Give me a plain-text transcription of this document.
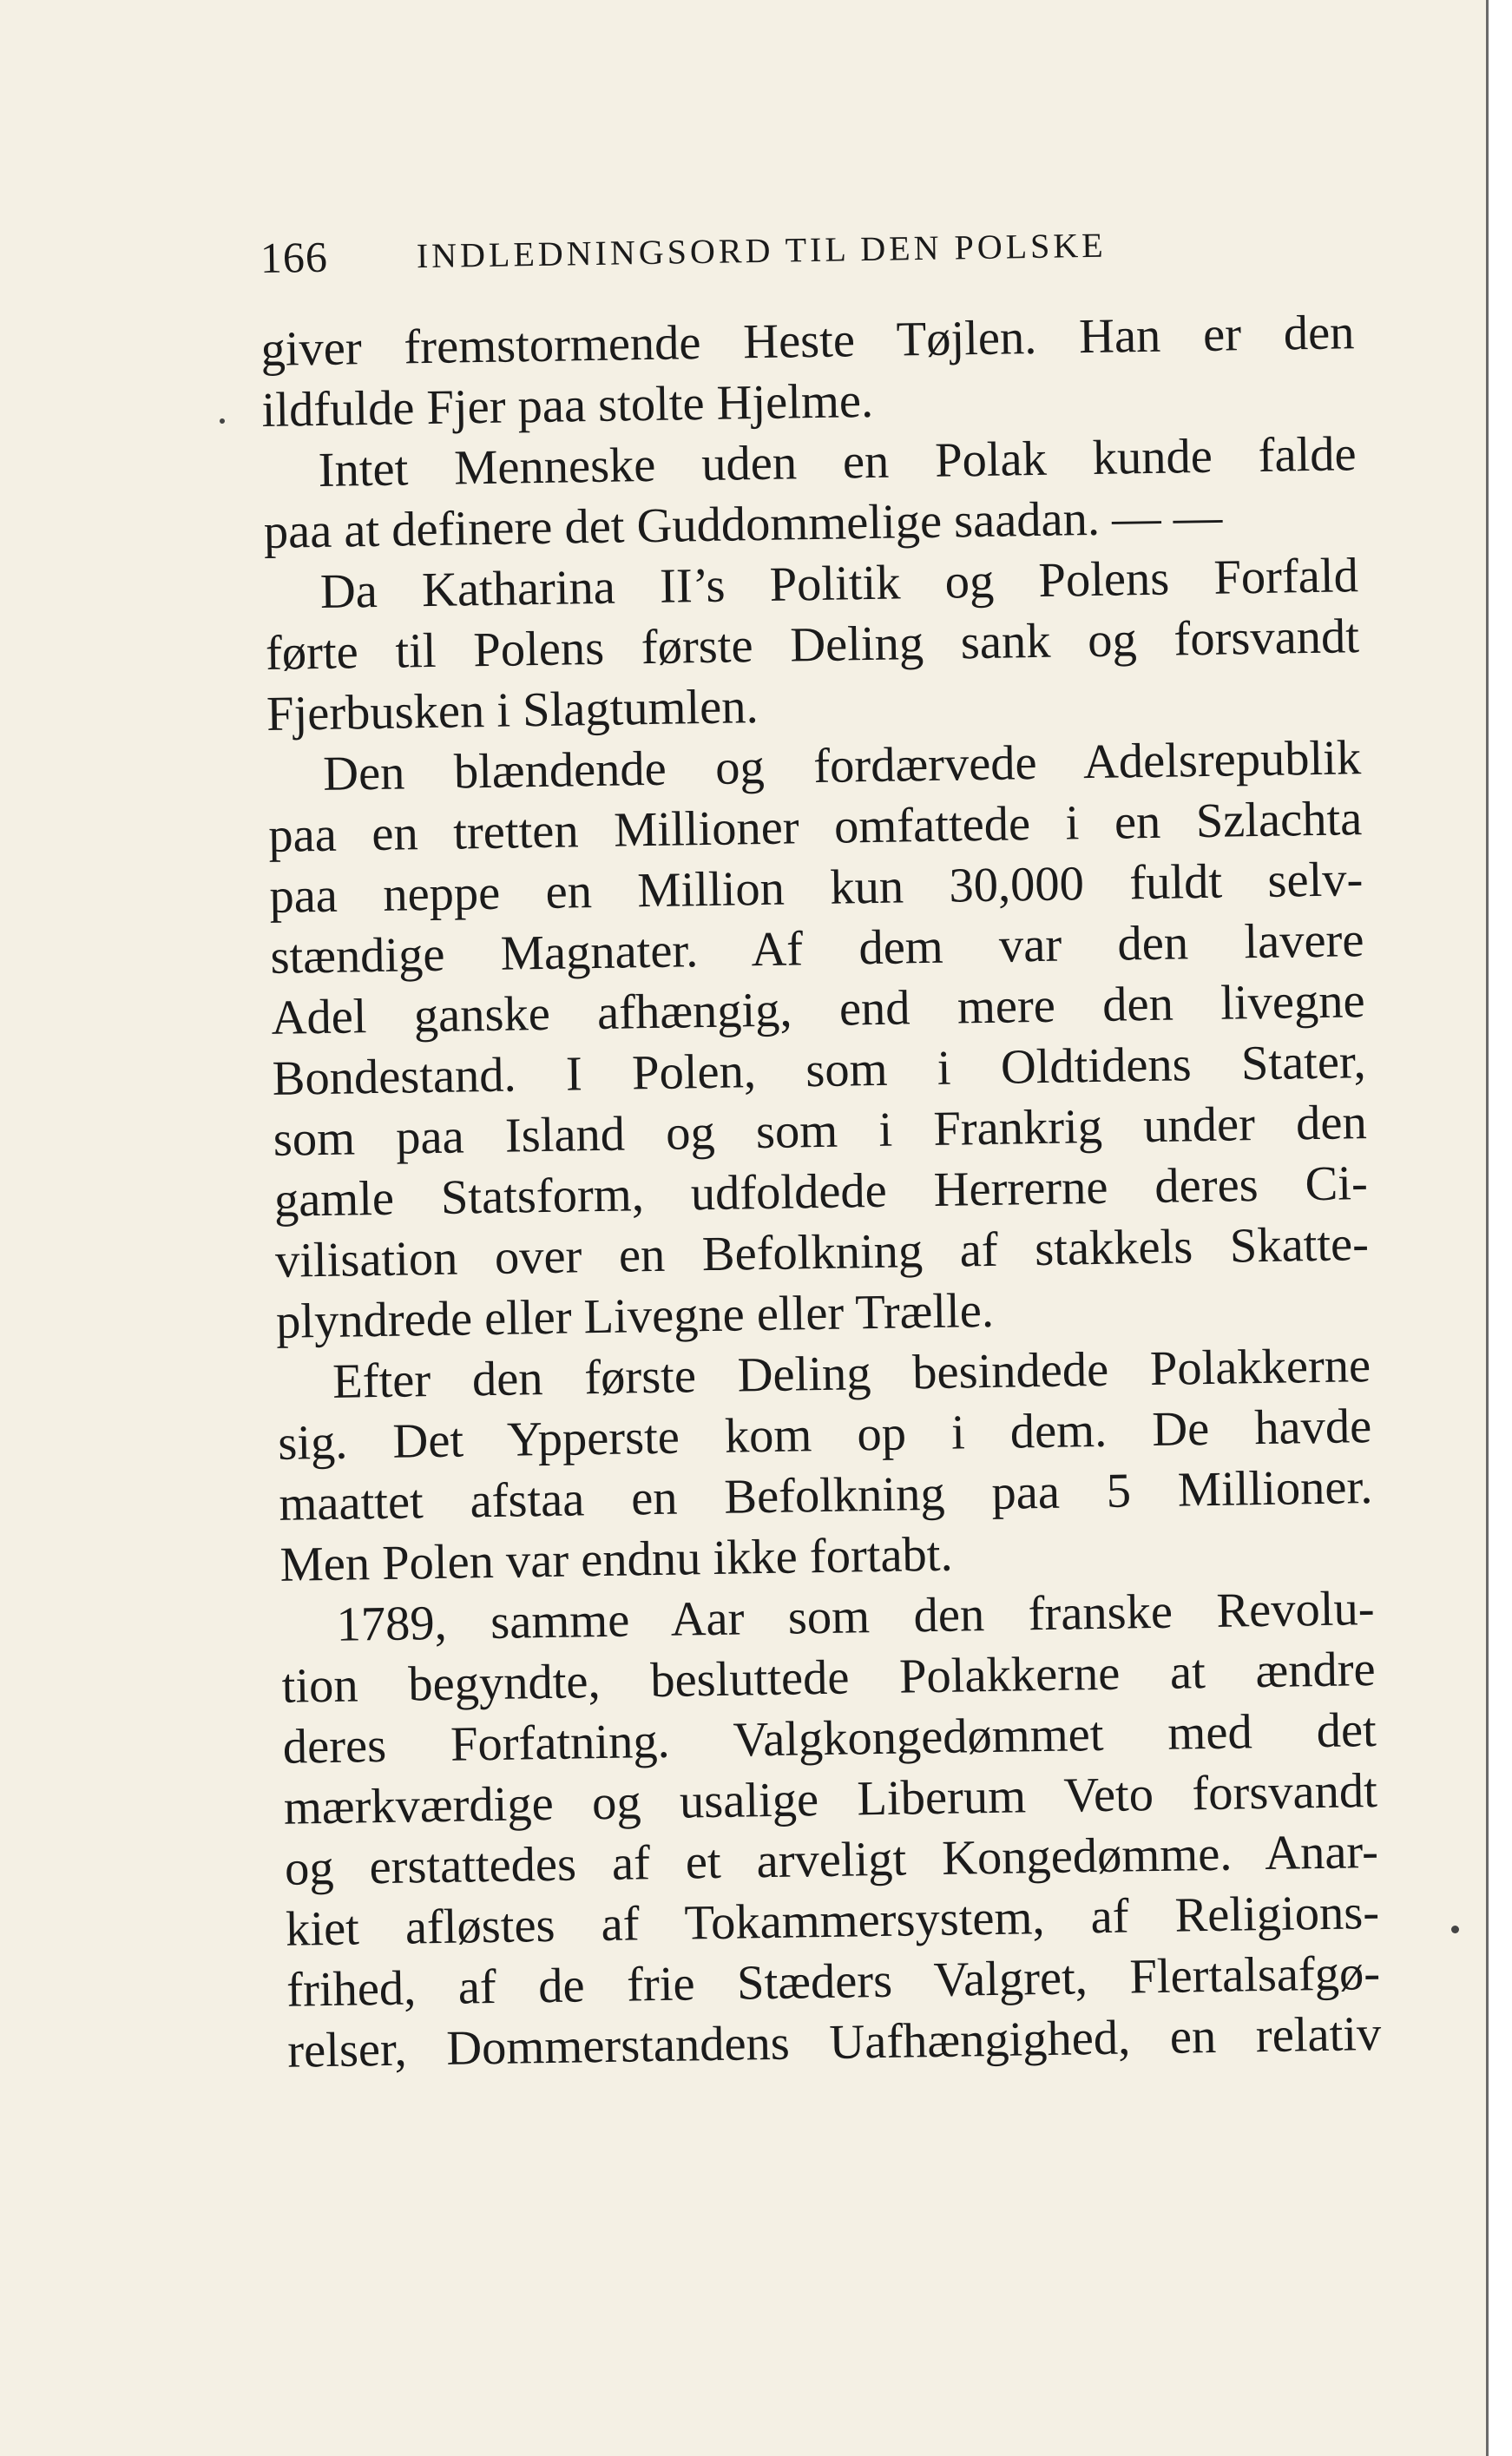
166	INDLEDNINGSORD TIL DEN POLSKE
giver fremstormende Heste Tøjlen. Han er den
ildfulde Fjer paa stolte Hjelme.
Intet Menneske uden en Polak kunde falde
paa at definere det Guddommelige saadan. — —
Da Katharina II’s Politik og Polens Forfald
førte til Polens første Deling sank og forsvandt
Fjerbusken i Slagtumlen.
Den blændende og fordærvede Adelsrepublik
paa en tretten Millioner omfattede i en Szlachta
paa neppe en Million kun 30,000 fuldt selv-
stændige Magnater. Af dem var den lavere
Adel ganske afhængig, end mere den livegne
Bondestand. I Polen, som i Oldtidens Stater,
som paa Island og som i Frankrig under den
gamle Statsform, udfoldede Herrerne deres Ci-
vilisation over en Befolkning af stakkels Skatte-
plyndrede eller Livegne eller Trælle.
Efter den første Deling besindede Polakkerne
sig. Det Ypperste kom op i dem. De havde
maattet afstaa en Befolkning paa 5 Millioner.
Men Polen var endnu ikke fortabt.
1789, samme Aar som den franske Revolu-
tion begyndte, besluttede Polakkerne at ændre
deres Forfatning. Valgkongedømmet med det
mærkværdige og usalige Liberum Veto forsvandt
og erstattedes af et arveligt Kongedømme. Anar-
kiet afløstes af Tokammersystem, af Religions-
frihed, af de frie Stæders Valgret, Flertalsafgø-
relser, Dommerstandens Uafhængighed, en relativ
